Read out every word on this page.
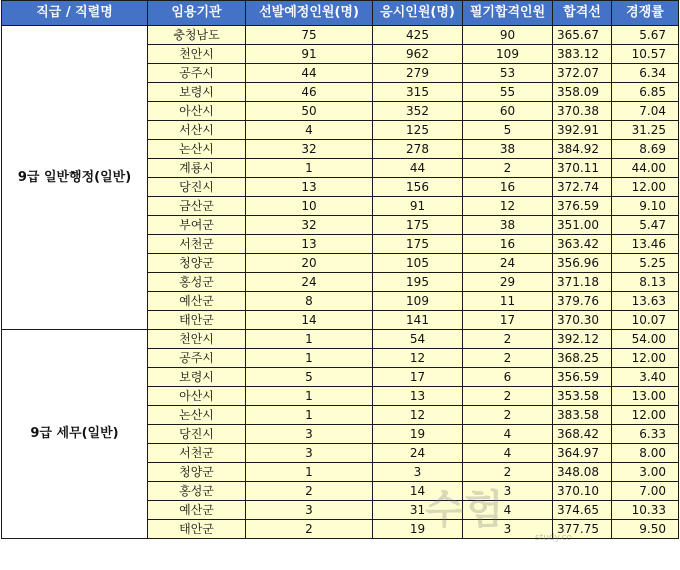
직급 / 직렬명	임용기관	선발예정인원(명)	응시인원(명)	필기합격인원	합격선	경쟁률
9급 일반행정(일반)	충청남도	75	425	90	365.67	5.67
	천안시	91	962	109	383.12	10.57
	공주시	44	279	53	372.07	6.34
	보령시	46	315	55	358.09	6.85
	아산시	50	352	60	370.38	7.04
	서산시	4	125	5	392.91	31.25
	논산시	32	278	38	384.92	8.69
	계룡시	1	44	2	370.11	44.00
	당진시	13	156	16	372.74	12.00
	금산군	10	91	12	376.59	9.10
	부여군	32	175	38	351.00	5.47
	서천군	13	175	16	363.42	13.46
	청양군	20	105	24	356.96	5.25
	홍성군	24	195	29	371.18	8.13
	예산군	8	109	11	379.76	13.63
	태안군	14	141	17	370.30	10.07
9급 세무(일반)	천안시	1	54	2	392.12	54.00
	공주시	1	12	2	368.25	12.00
	보령시	5	17	6	356.59	3.40
	아산시	1	13	2	353.58	13.00
	논산시	1	12	2	383.58	12.00
	당진시	3	19	4	368.42	6.33
	서천군	3	24	4	364.97	8.00
	청양군	1	3	2	348.08	3.00
	홍성군	2	14	3	370.10	7.00
	예산군	3	31	4	374.65	10.33
	태안군	2	19	3	377.75	9.50
수험
study.co
